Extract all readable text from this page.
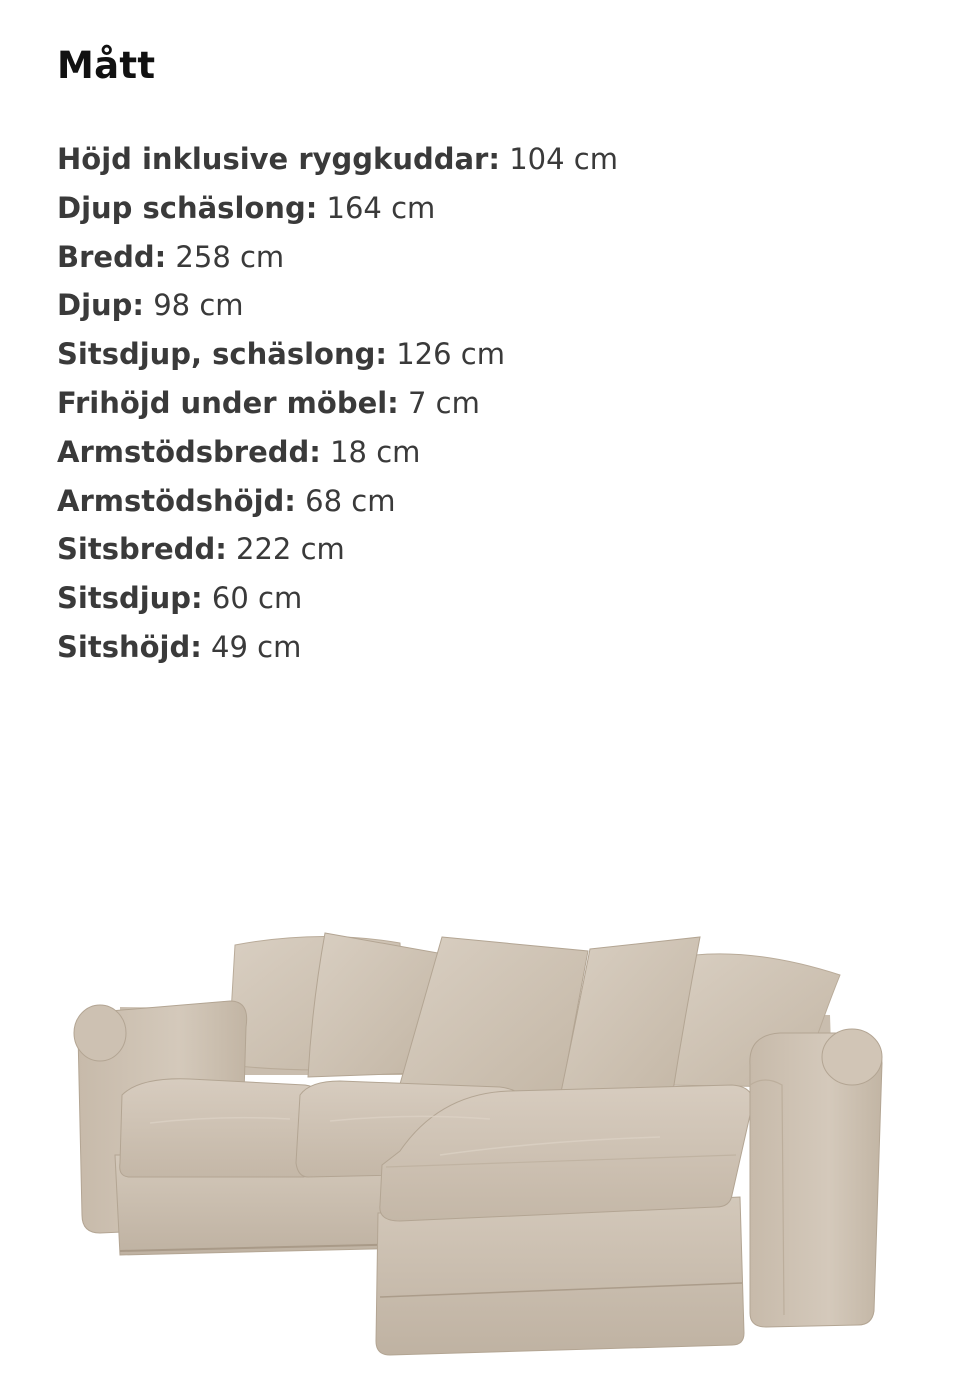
Mått
Höjd inklusive ryggkuddar: 104 cm
Djup schäslong: 164 cm
Bredd: 258 cm
Djup: 98 cm
Sitsdjup, schäslong: 126 cm
Frihöjd under möbel: 7 cm
Armstödsbredd: 18 cm
Armstödshöjd: 68 cm
Sitsbredd: 222 cm
Sitsdjup: 60 cm
Sitshöjd: 49 cm
